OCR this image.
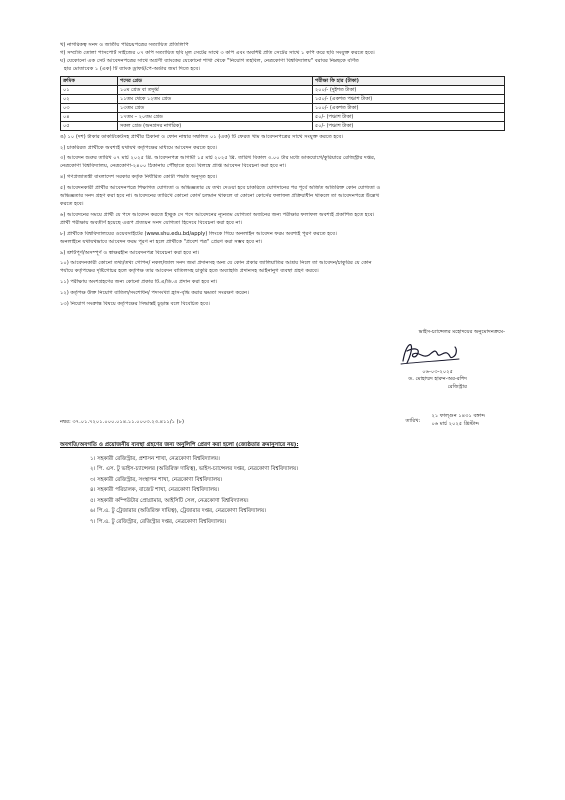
খ) নাগরিকত্ব সনদ ও জাতীয় পরিচয়পত্রের সত্যায়িত প্রতিলিপি

গ) সম্প্রতি তোলা পাসপোর্ট সাইজের ০৭ কপি সত্যায়িত ছবি মূল সেটের সাথে ৩ কপি এবং অবশিষ্ট প্রতি সেটের সাথে ১ কপি করে ছবি সংযুক্ত করতে হবে।

ঘ) যেকোনো এক সেট আবেদনপত্রের সাথে অগ্রণী ব্যাংকের যেকোনো শাখা থেকে "নিয়োগ তহবিল, নেত্রকোণা বিশ্ববিদ্যালয়" বরাবর নিম্নছকে বর্ণিত

হার মোতাবেক ১ (এক) টি ব্যাংক ড্রাফট/পে-অর্ডার জমা দিতে হবে।

ক্রমিক	পদের গ্রেড	পরীক্ষা ফি হার (টাকা)
০১	১০ম গ্রেড বা তদুর্ধ্ব	২০০/- (দুইশত টাকা)
০২	১১তম থেকে ১২তম গ্রেড	১৫০/- (একশত পঞ্চাশ টাকা)
০৩	১৩তম গ্রেড	১০০/- (একশত টাকা)
০৪	১৭তম – ২০তম গ্রেড	৫০/- (পঞ্চাশ টাকা)
০৫	সকল গ্রেড (অনগ্রসর নাগরিক)	৫০/- (পঞ্চাশ টাকা)

ঙ) ১০ (দশ) টাকার ডাকটিকেটসহ প্রার্থীর ঠিকানা ও ফোন নাম্বার সম্বলিত ০১ (এক) টি ফেরত খাম আবেদনপত্রের সাথে সংযুক্ত করতে হবে।

২) চাকরিরত প্রার্থীকে অবশ্যই যথাযথ কর্তৃপক্ষের মাধ্যমে আবেদন করতে হবে।

৩) আবেদন শুরুর তারিখ ০৭ মার্চ ২০২৫ খ্রি. আবেদনপত্র আগামী ১৫ মার্চ ২০২৫ খ্রি. তারিখ বিকাল ৩.০০ টার মধ্যে ডাকযোগে/কুরিয়ারে রেজিস্ট্রার দপ্তর,

নেত্রকোণা বিশ্ববিদ্যালয়, নেত্রকোণা-২৪০০ ঠিকানায় পৌঁছাতে হবে। বিলম্বে প্রাপ্ত আবেদন বিবেচনা করা হবে না।

৪) গণপ্রজাতন্ত্রী বাংলাদেশ সরকার কর্তৃক নির্ধারিত কোটা পদ্ধতি অনুসৃত হবে।

৫) আবেদনকারী প্রার্থীর আবেদনপত্রে শিক্ষাগত যোগ্যতা ও অভিজ্ঞতার যে তথ্য দেওয়া হবে চাকরিতে যোগদানের পর পূর্বে অর্জিত অতিরিক্ত কোন যোগ্যতা ও

অভিজ্ঞতার সনদ গ্রহণ করা হবে না। আবেদনের তারিখে কোনো কোর্স চলমান থাকলে বা কোনো কোর্সের ফলাফল প্রক্রিয়াধীন থাকলে তা আবেদনপত্রে উল্লেখ

করতে হবে।

৬) আবেদনের সময়ে প্রার্থী যে পদে আবেদন করতে ইচ্ছুক সে পদে আবেদনের ন্যূনতম যোগ্যতা অর্জনের জন্য পরীক্ষার ফলাফল অবশ্যই প্রকাশিত হতে হবে।

প্রার্থী পরীক্ষায় অবতীর্ণ হয়েছে এরূপ প্রত্যয়ন সনদ যোগ্যতা হিসেবে বিবেচনা করা হবে না।

৮) প্রার্থীকে বিশ্ববিদ্যালয়ের ওয়েবসাইটের (www.shu.edu.bd/apply) লিংকে গিয়ে অনলাইন আবেদন ফরম অবশ্যই পূরণ করতে হবে।

অনলাইনে যথাযথভাবে আবেদন ফরম পূরণ না হলে প্রার্থীকে "প্রবেশ পত্র" প্রেরণ করা সম্ভব হবে না।

৯) ত্রুটিপূর্ণ/অসম্পূর্ণ ও স্বাক্ষরহীন আবেদনপত্র বিবেচনা করা হবে না।

১০) আবেদনকারী কোনো তথ্য/তথ্য গোপন/ নকল/জাল সনদ জমা প্রদানসহ অন্য যে কোন প্রকার জালিয়াতির আশ্রয় নিলে তা আবেদন/চাকুরির যে কোন

পর্যায়ে কর্তৃপক্ষের দৃষ্টিগোচর হলে কর্তৃপক্ষ তার আবেদন বাতিলসহ চাকুরি হতে অব্যাহতি প্রদানসহ আইনানুগ ব্যবস্থা গ্রহণ করবে।

১১) পরীক্ষায় অংশগ্রহণের জন্য কোনো প্রকার টি.এ/ডি.এ প্রদান করা হবে না।

১২) কর্তৃপক্ষ উক্ত নিয়োগ বাতিল/সংশোধন/ পদসংখ্যা হ্রাস-বৃদ্ধি করার ক্ষমতা সংরক্ষণ করেন।

১৩) নিয়োগ সংক্রান্ত বিষয়ে কর্তৃপক্ষের সিদ্ধান্তই চূড়ান্ত বলে বিবেচিত হবে।

ভাইস-চ্যান্সেলর মহোদয়ের অনুমোদনক্রমে-

০৬-০৩-২০২৫

ড. মোহাম্মদ হারুন-অর-রশিদ

রেজিস্ট্রার

নম্বর: ৩৭.০১.৭২০১.০০০.০১৪.১১.০০০৩.২৩.৪১১/১ (৮)	তারিখ:

২১ ফাল্গুন ১৪৩১ বঙ্গাব্দ

০৬ মার্চ ২০২৫ খ্রিস্টাব্দ

অবগতি/অবগতি ও প্রয়োজনীয় ব্যবস্থা গ্রহণের জন্য অনুলিপি প্রেরণ করা হলো (জ্যেষ্ঠতার ক্রমানুসারে নয়):

১। সহকারী রেজিস্ট্রার, প্রশাসন শাখা, নেত্রকোণা বিশ্ববিদ্যালয়।
২। পি. এস. টু ভাইস-চ্যান্সেলর (অতিরিক্ত দায়িত্ব), ভাইস-চ্যান্সেলর দপ্তর, নেত্রকোণা বিশ্ববিদ্যালয়।
৩। সহকারী রেজিস্ট্রার, সংস্থাপন শাখা, নেত্রকোণা বিশ্ববিদ্যালয়।
৪। সহকারী পরিচালক, বাজেট শাখা, নেত্রকোণা বিশ্ববিদ্যালয়।
৫। সহকারী কম্পিউটার প্রোগ্রামার, আইসিটি সেল, নেত্রকোণা বিশ্ববিদ্যালয়।
৬। পি.এ. টু ট্রেজারার (অতিরিক্ত দায়িত্ব), ট্রেজারার দপ্তর, নেত্রকোণা বিশ্ববিদ্যালয়।
৭। পি.এ. টু রেজিস্ট্রার, রেজিস্ট্রার দপ্তর, নেত্রকোণা বিশ্ববিদ্যালয়।
